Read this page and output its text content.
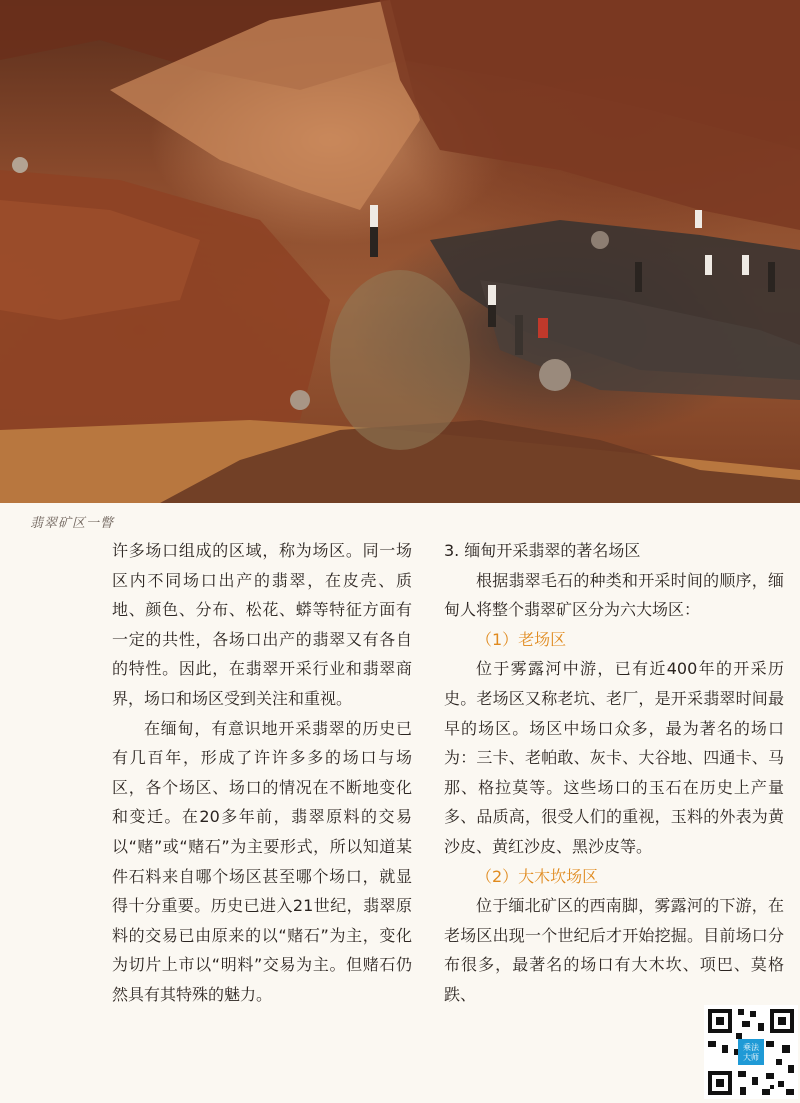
翡翠矿区一瞥

许多场口组成的区域，称为场区。同一场区内不同场口出产的翡翠，在皮壳、质地、颜色、分布、松花、蟒等特征方面有一定的共性，各场口出产的翡翠又有各自的特性。因此，在翡翠开采行业和翡翠商界，场口和场区受到关注和重视。

在缅甸，有意识地开采翡翠的历史已有几百年，形成了许许多多的场口与场区，各个场区、场口的情况在不断地变化和变迁。在20多年前，翡翠原料的交易以“赌”或“赌石”为主要形式，所以知道某件石料来自哪个场区甚至哪个场口，就显得十分重要。历史已进入21世纪，翡翠原料的交易已由原来的以“赌石”为主，变化为切片上市以“明料”交易为主。但赌石仍然具有其特殊的魅力。

3. 缅甸开采翡翠的著名场区

根据翡翠毛石的种类和开采时间的顺序，缅甸人将整个翡翠矿区分为六大场区：

（1）老场区

位于雾露河中游，已有近400年的开采历史。老场区又称老坑、老厂，是开采翡翠时间最早的场区。场区中场口众多，最为著名的场口为：三卡、老帕敢、灰卡、大谷地、四通卡、马那、格拉莫等。这些场口的玉石在历史上产量多、品质高，很受人们的重视，玉料的外表为黄沙皮、黄红沙皮、黑沙皮等。

（2）大木坎场区

位于缅北矿区的西南脚，雾露河的下游，在老场区出现一个世纪后才开始挖掘。目前场口分布很多，最著名的场口有大木坎、项巴、莫格跌、

乘法
大师
